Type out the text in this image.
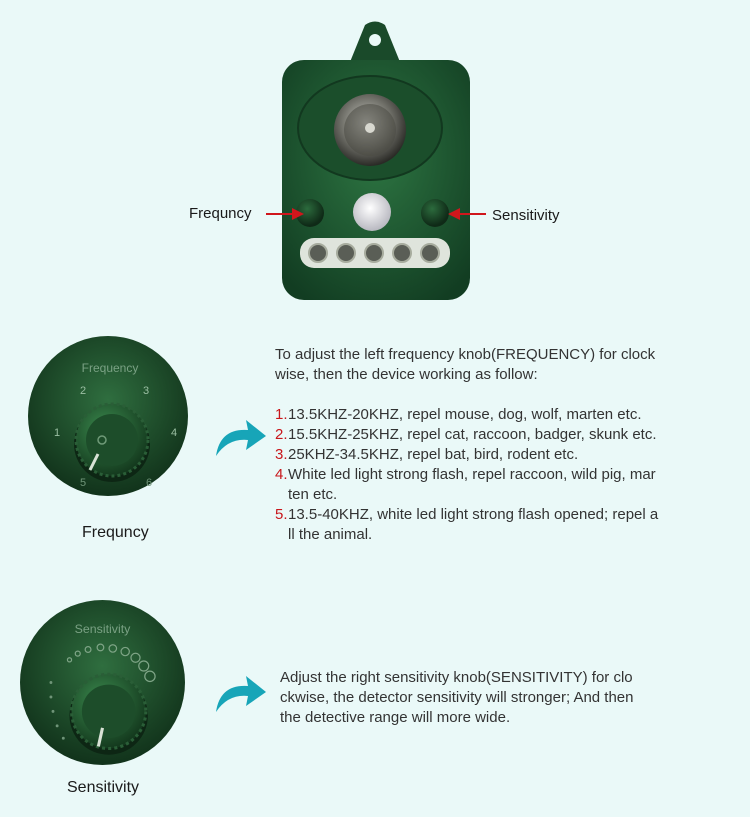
Frequncy	Sensitivity
Frequency
2	3
1	4
5	6
Frequncy
To adjust the left frequency knob(FREQUENCY) for clock
wise, then the device working as follow:
1. 13.5KHZ-20KHZ, repel mouse, dog, wolf, marten etc.
2. 15.5KHZ-25KHZ, repel cat, raccoon, badger, skunk etc.
3. 25KHZ-34.5KHZ, repel bat, bird, rodent etc.
4. White led light strong flash, repel raccoon, wild pig, mar
ten etc.
5. 13.5-40KHZ, white led light strong flash opened; repel a
ll the animal.
Sensitivity
Sensitivity
Adjust the right sensitivity knob(SENSITIVITY) for clo
ckwise, the detector sensitivity will stronger; And then
the detective range will more wide.
